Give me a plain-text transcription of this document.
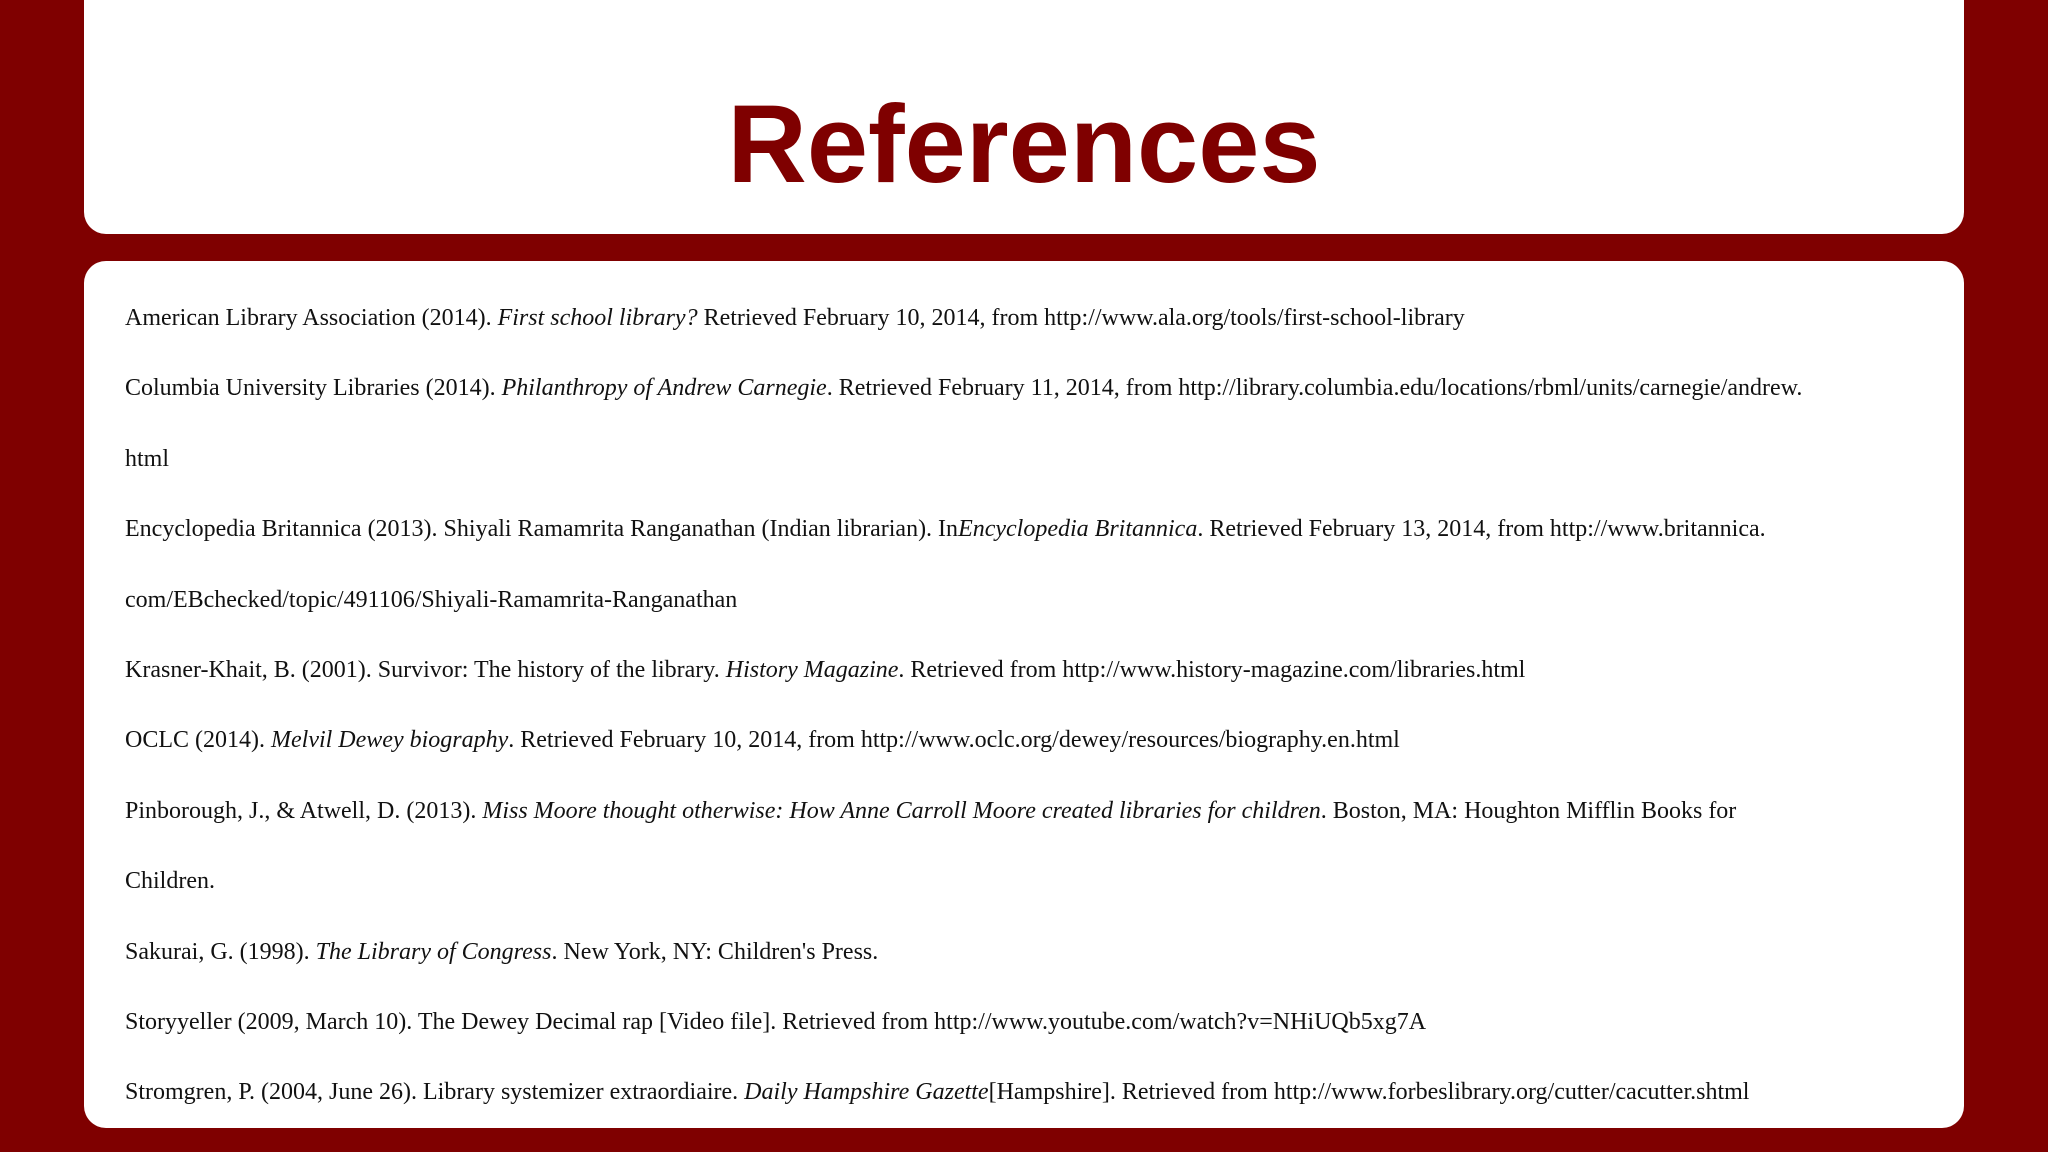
References
American Library Association (2014). First school library? Retrieved February 10, 2014, from http://www.ala.org/tools/first-school-library
Columbia University Libraries (2014). Philanthropy of Andrew Carnegie. Retrieved February 11, 2014, from http://library.columbia.edu/locations/rbml/units/carnegie/andrew.
html
Encyclopedia Britannica (2013). Shiyali Ramamrita Ranganathan (Indian librarian). InEncyclopedia Britannica. Retrieved February 13, 2014, from http://www.britannica.
com/EBchecked/topic/491106/Shiyali-Ramamrita-Ranganathan
Krasner-Khait, B. (2001). Survivor: The history of the library. History Magazine. Retrieved from http://www.history-magazine.com/libraries.html
OCLC (2014). Melvil Dewey biography. Retrieved February 10, 2014, from http://www.oclc.org/dewey/resources/biography.en.html
Pinborough, J., & Atwell, D. (2013). Miss Moore thought otherwise: How Anne Carroll Moore created libraries for children. Boston, MA: Houghton Mifflin Books for
Children.
Sakurai, G. (1998). The Library of Congress. New York, NY: Children's Press.
Storyyeller (2009, March 10). The Dewey Decimal rap [Video file]. Retrieved from http://www.youtube.com/watch?v=NHiUQb5xg7A
Stromgren, P. (2004, June 26). Library systemizer extraordiaire. Daily Hampshire Gazette[Hampshire]. Retrieved from http://www.forbeslibrary.org/cutter/cacutter.shtml
